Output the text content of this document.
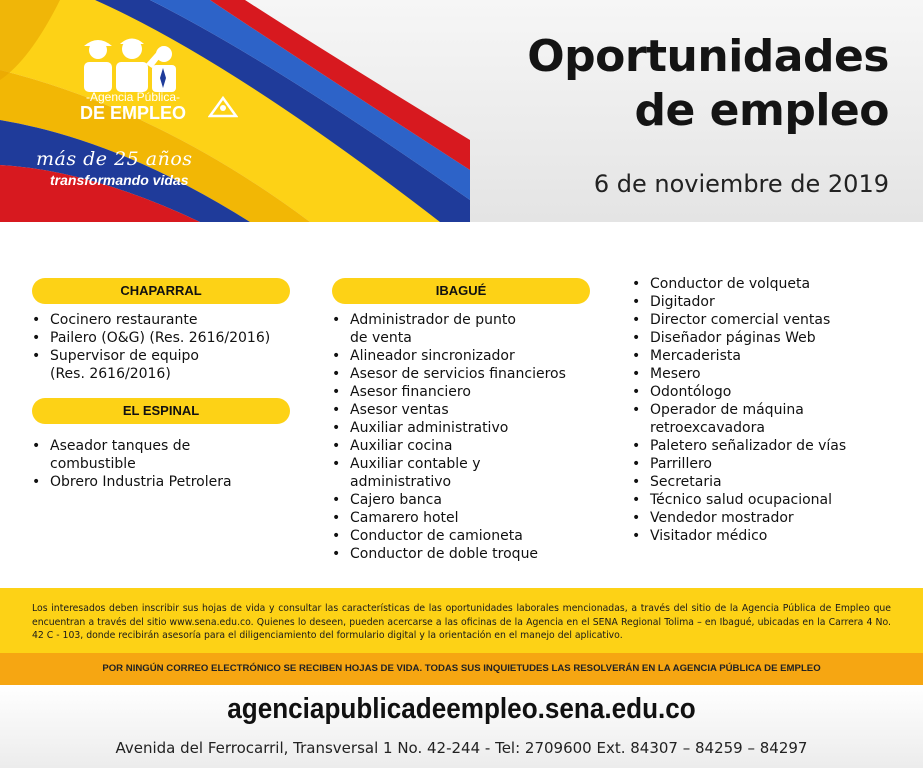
-Agencia Pública-
DE EMPLEO
más de 25 años
transformando vidas
Oportunidades
de empleo
6 de noviembre de 2019
CHAPARRAL
• Cocinero restaurante
• Pailero (O&G) (Res. 2616/2016)
• Supervisor de equipo
(Res. 2616/2016)
EL ESPINAL
• Aseador tanques de
combustible
• Obrero Industria Petrolera
IBAGUÉ
• Administrador de punto
de venta
• Alineador sincronizador
• Asesor de servicios financieros
• Asesor financiero
• Asesor ventas
• Auxiliar administrativo
• Auxiliar cocina
• Auxiliar contable y
administrativo
• Cajero banca
• Camarero hotel
• Conductor de camioneta
• Conductor de doble troque
• Conductor de volqueta
• Digitador
• Director comercial ventas
• Diseñador páginas Web
• Mercaderista
• Mesero
• Odontólogo
• Operador de máquina
retroexcavadora
• Paletero señalizador de vías
• Parrillero
• Secretaria
• Técnico salud ocupacional
• Vendedor mostrador
• Visitador médico

Los interesados deben inscribir sus hojas de vida y consultar las características de las oportunidades laborales mencionadas, a través del sitio de la Agencia Pública de Empleo que encuentran a través del sitio www.sena.edu.co. Quienes lo deseen, pueden acercarse a las oficinas de la Agencia en el SENA Regional Tolima – en Ibagué, ubicadas en la Carrera 4 No. 42 C - 103, donde recibirán asesoría para el diligenciamiento del formulario digital y la orientación en el manejo del aplicativo.

POR NINGÚN CORREO ELECTRÓNICO SE RECIBEN HOJAS DE VIDA. TODAS SUS INQUIETUDES LAS RESOLVERÁN EN LA AGENCIA PÚBLICA DE EMPLEO
agenciapublicadeempleo.sena.edu.co
Avenida del Ferrocarril, Transversal 1 No. 42-244 - Tel: 2709600 Ext. 84307 – 84259 – 84297
